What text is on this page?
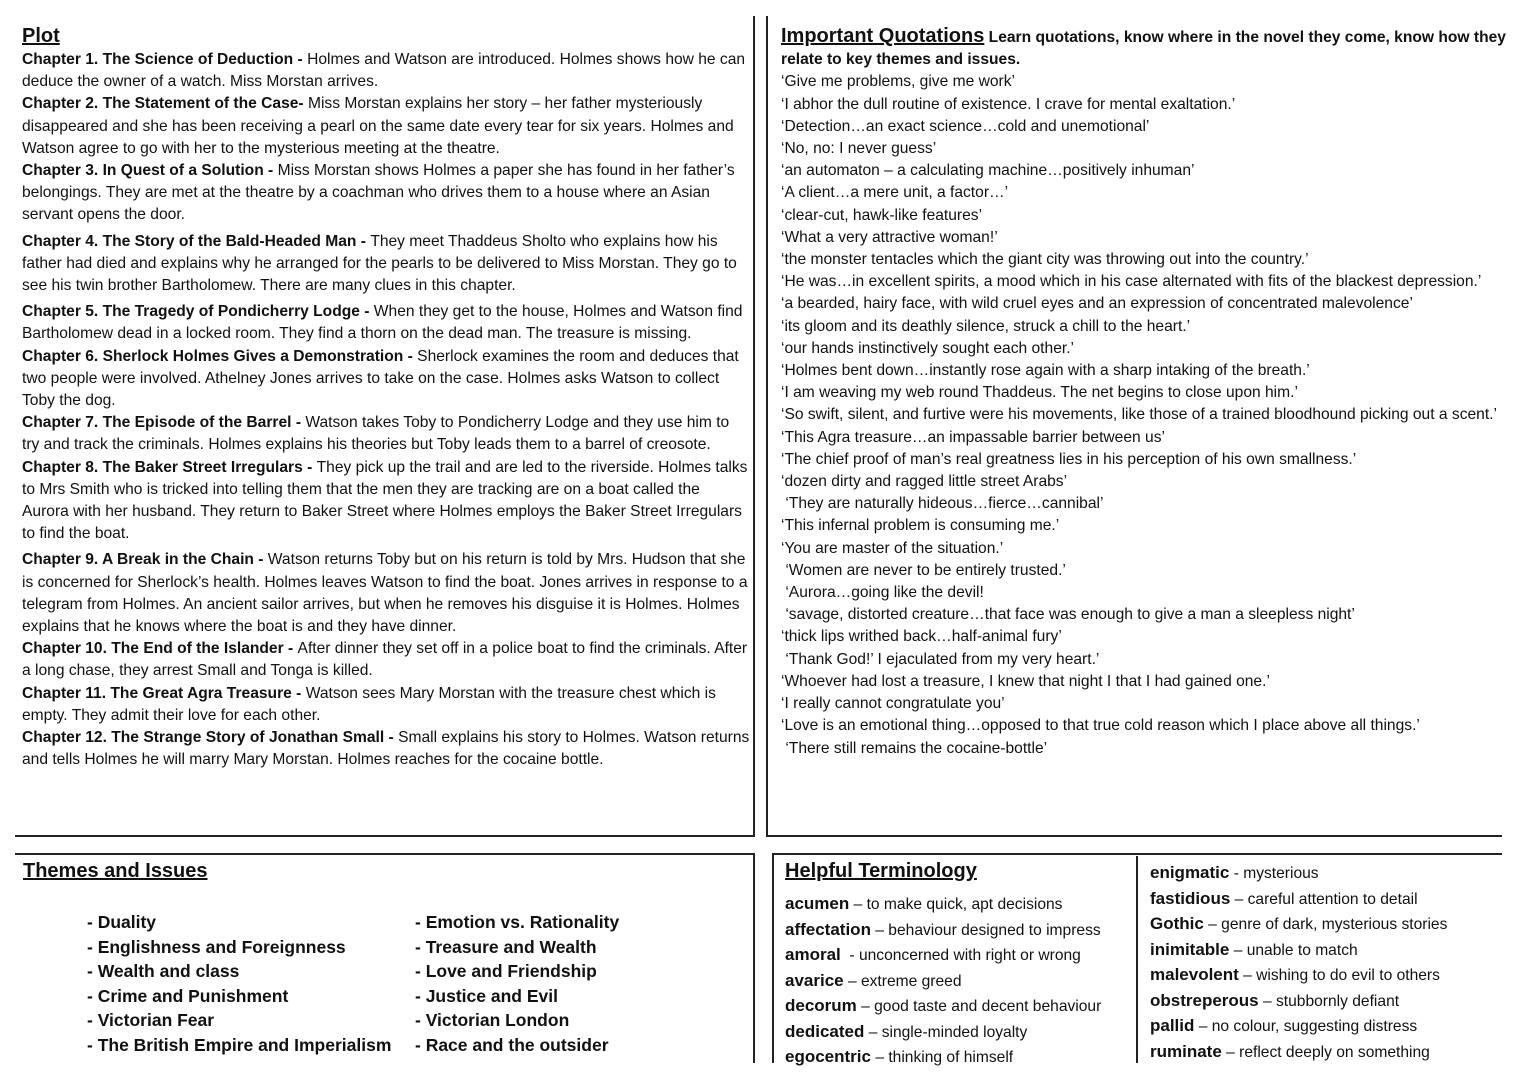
Plot
Chapter 1. The Science of Deduction - Holmes and Watson are introduced. Holmes shows how he can deduce the owner of a watch. Miss Morstan arrives.
Chapter 2. The Statement of the Case- Miss Morstan explains her story – her father mysteriously disappeared and she has been receiving a pearl on the same date every tear for six years. Holmes and Watson agree to go with her to the mysterious meeting at the theatre.
Chapter 3. In Quest of a Solution - Miss Morstan shows Holmes a paper she has found in her father’s belongings. They are met at the theatre by a coachman who drives them to a house where an Asian servant opens the door.
Chapter 4. The Story of the Bald-Headed Man - They meet Thaddeus Sholto who explains how his father had died and explains why he arranged for the pearls to be delivered to Miss Morstan. They go to see his twin brother Bartholomew. There are many clues in this chapter.
Chapter 5. The Tragedy of Pondicherry Lodge - When they get to the house, Holmes and Watson find Bartholomew dead in a locked room. They find a thorn on the dead man. The treasure is missing.
Chapter 6. Sherlock Holmes Gives a Demonstration - Sherlock examines the room and deduces that two people were involved. Athelney Jones arrives to take on the case. Holmes asks Watson to collect Toby the dog.
Chapter 7. The Episode of the Barrel - Watson takes Toby to Pondicherry Lodge and they use him to try and track the criminals. Holmes explains his theories but Toby leads them to a barrel of creosote.
Chapter 8. The Baker Street Irregulars - They pick up the trail and are led to the riverside. Holmes talks to Mrs Smith who is tricked into telling them that the men they are tracking are on a boat called the Aurora with her husband. They return to Baker Street where Holmes employs the Baker Street Irregulars to find the boat.
Chapter 9. A Break in the Chain - Watson returns Toby but on his return is told by Mrs. Hudson that she is concerned for Sherlock’s health. Holmes leaves Watson to find the boat. Jones arrives in response to a telegram from Holmes. An ancient sailor arrives, but when he removes his disguise it is Holmes. Holmes explains that he knows where the boat is and they have dinner.
Chapter 10. The End of the Islander - After dinner they set off in a police boat to find the criminals. After a long chase, they arrest Small and Tonga is killed.
Chapter 11. The Great Agra Treasure - Watson sees Mary Morstan with the treasure chest which is empty. They admit their love for each other.
Chapter 12. The Strange Story of Jonathan Small - Small explains his story to Holmes. Watson returns and tells Holmes he will marry Mary Morstan. Holmes reaches for the cocaine bottle.
Important Quotations Learn quotations, know where in the novel they come, know how they relate to key themes and issues.
‘Give me problems, give me work’
‘I abhor the dull routine of existence. I crave for mental exaltation.’
‘Detection…an exact science…cold and unemotional’
‘No, no: I never guess’
‘an automaton – a calculating machine…positively inhuman’
‘A client…a mere unit, a factor…’
‘clear-cut, hawk-like features’
‘What a very attractive woman!’
‘the monster tentacles which the giant city was throwing out into the country.’
‘He was…in excellent spirits, a mood which in his case alternated with fits of the blackest depression.’
‘a bearded, hairy face, with wild cruel eyes and an expression of concentrated malevolence’
‘its gloom and its deathly silence, struck a chill to the heart.’
‘our hands instinctively sought each other.’
‘Holmes bent down…instantly rose again with a sharp intaking of the breath.’
‘I am weaving my web round Thaddeus. The net begins to close upon him.’
‘So swift, silent, and furtive were his movements, like those of a trained bloodhound picking out a scent.’
‘This Agra treasure…an impassable barrier between us’
‘The chief proof of man’s real greatness lies in his perception of his own smallness.’
‘dozen dirty and ragged little street Arabs’
‘They are naturally hideous…fierce…cannibal’
‘This infernal problem is consuming me.’
‘You are master of the situation.’
‘Women are never to be entirely trusted.’
‘Aurora…going like the devil!
‘savage, distorted creature…that face was enough to give a man a sleepless night’
‘thick lips writhed back…half-animal fury’
‘Thank God!’ I ejaculated from my very heart.’
‘Whoever had lost a treasure, I knew that night I that I had gained one.’
‘I really cannot congratulate you’
‘Love is an emotional thing…opposed to that true cold reason which I place above all things.’
‘There still remains the cocaine-bottle’
Themes and Issues
- Duality
- Englishness and Foreignness
- Wealth and class
- Crime and Punishment
- Victorian Fear
- The British Empire and Imperialism
- Emotion vs. Rationality
- Treasure and Wealth
- Love and Friendship
- Justice and Evil
- Victorian London
- Race and the outsider
Helpful Terminology
acumen – to make quick, apt decisions
affectation – behaviour designed to impress
amoral  - unconcerned with right or wrong
avarice – extreme greed
decorum – good taste and decent behaviour
dedicated – single-minded loyalty
egocentric – thinking of himself
enigmatic - mysterious
fastidious – careful attention to detail
Gothic – genre of dark, mysterious stories
inimitable – unable to match
malevolent – wishing to do evil to others
obstreperous – stubbornly defiant
pallid – no colour, suggesting distress
ruminate – reflect deeply on something
